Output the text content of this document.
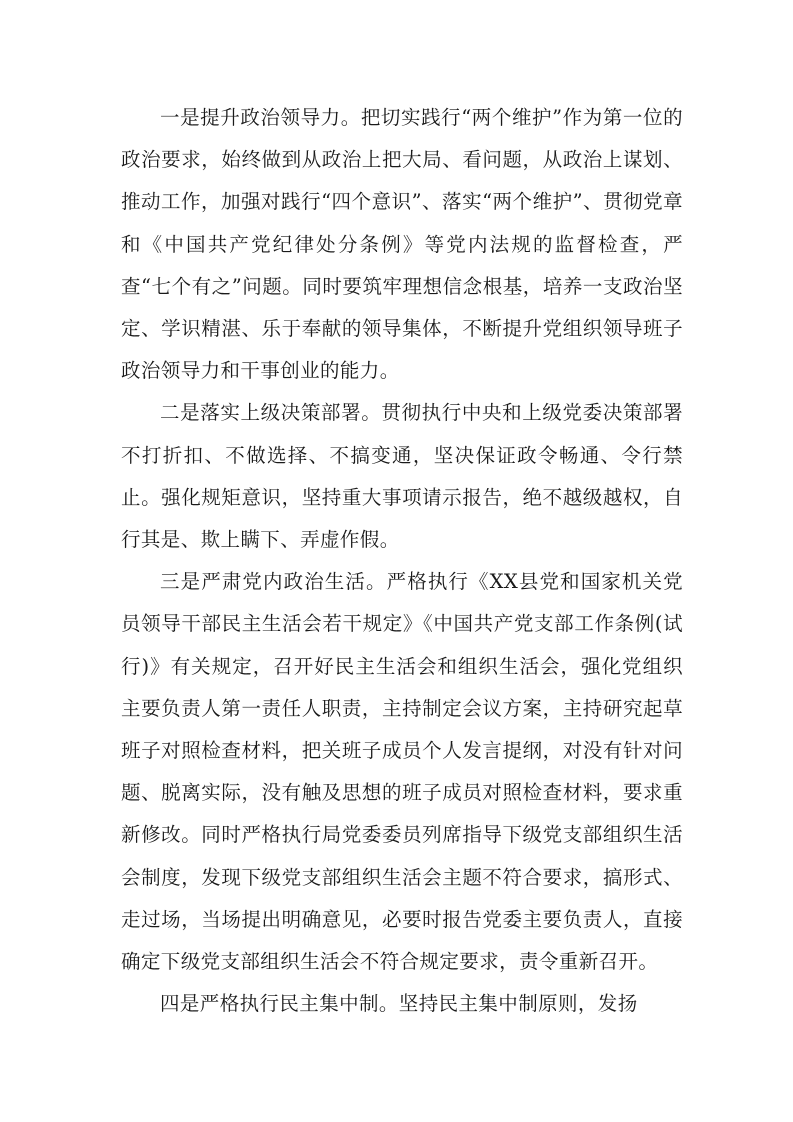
一是提升政治领导力。把切实践行“两个维护”作为第一位的政治要求，始终做到从政治上把大局、看问题，从政治上谋划、推动工作，加强对践行“四个意识”、落实“两个维护”、贯彻党章和《中国共产党纪律处分条例》等党内法规的监督检查，严查“七个有之”问题。同时要筑牢理想信念根基，培养一支政治坚定、学识精湛、乐于奉献的领导集体，不断提升党组织领导班子政治领导力和干事创业的能力。

二是落实上级决策部署。贯彻执行中央和上级党委决策部署不打折扣、不做选择、不搞变通，坚决保证政令畅通、令行禁止。强化规矩意识，坚持重大事项请示报告，绝不越级越权，自行其是、欺上瞒下、弄虚作假。

三是严肃党内政治生活。严格执行《XX县党和国家机关党员领导干部民主生活会若干规定》《中国共产党支部工作条例(试行)》有关规定，召开好民主生活会和组织生活会，强化党组织主要负责人第一责任人职责，主持制定会议方案，主持研究起草班子对照检查材料，把关班子成员个人发言提纲，对没有针对问题、脱离实际，没有触及思想的班子成员对照检查材料，要求重新修改。同时严格执行局党委委员列席指导下级党支部组织生活会制度，发现下级党支部组织生活会主题不符合要求，搞形式、走过场，当场提出明确意见，必要时报告党委主要负责人，直接确定下级党支部组织生活会不符合规定要求，责令重新召开。

四是严格执行民主集中制。坚持民主集中制原则，发扬
